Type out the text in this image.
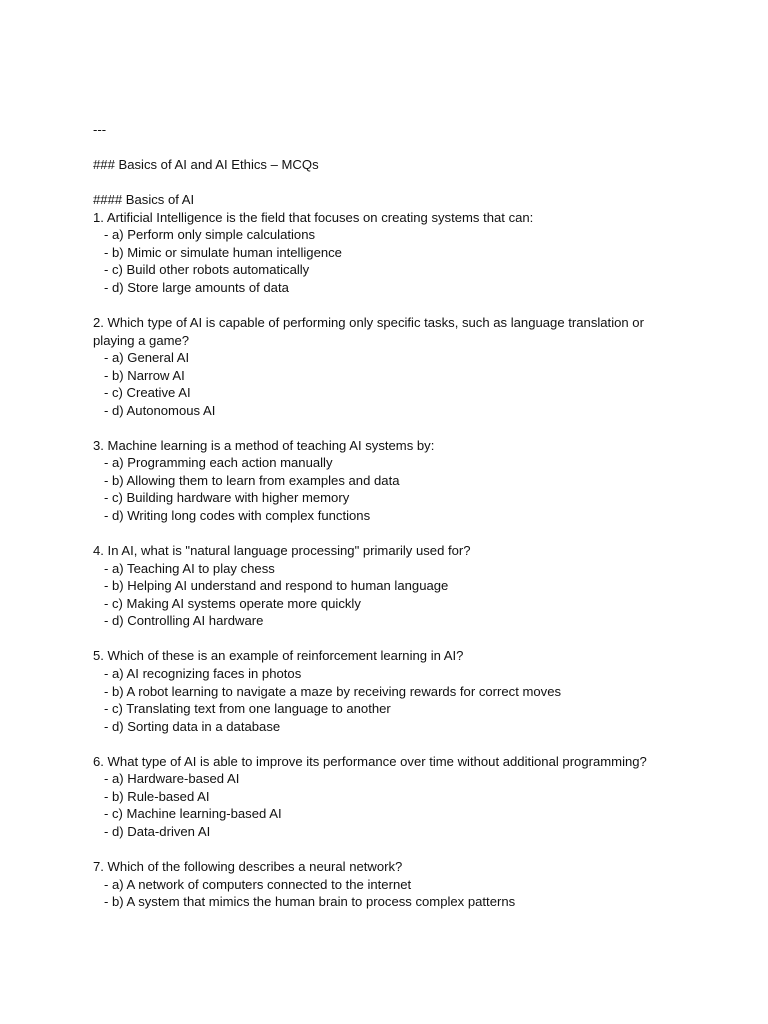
---
### Basics of AI and AI Ethics – MCQs
#### Basics of AI
1. Artificial Intelligence is the field that focuses on creating systems that can:
- a) Perform only simple calculations
- b) Mimic or simulate human intelligence
- c) Build other robots automatically
- d) Store large amounts of data
2. Which type of AI is capable of performing only specific tasks, such as language translation or playing a game?
- a) General AI
- b) Narrow AI
- c) Creative AI
- d) Autonomous AI
3. Machine learning is a method of teaching AI systems by:
- a) Programming each action manually
- b) Allowing them to learn from examples and data
- c) Building hardware with higher memory
- d) Writing long codes with complex functions
4. In AI, what is "natural language processing" primarily used for?
- a) Teaching AI to play chess
- b) Helping AI understand and respond to human language
- c) Making AI systems operate more quickly
- d) Controlling AI hardware
5. Which of these is an example of reinforcement learning in AI?
- a) AI recognizing faces in photos
- b) A robot learning to navigate a maze by receiving rewards for correct moves
- c) Translating text from one language to another
- d) Sorting data in a database
6. What type of AI is able to improve its performance over time without additional programming?
- a) Hardware-based AI
- b) Rule-based AI
- c) Machine learning-based AI
- d) Data-driven AI
7. Which of the following describes a neural network?
- a) A network of computers connected to the internet
- b) A system that mimics the human brain to process complex patterns
